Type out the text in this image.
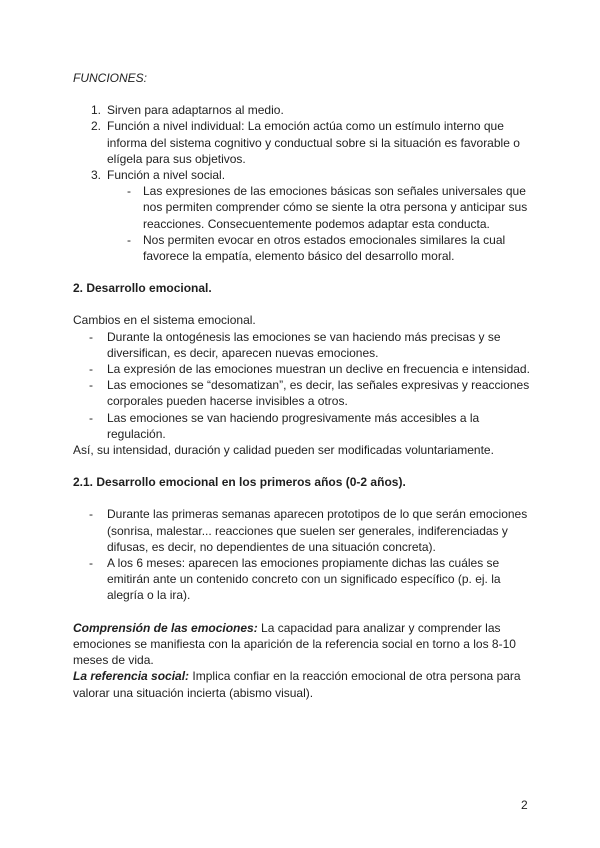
FUNCIONES:

1. Sirven para adaptarnos al medio.
2. Función a nivel individual: La emoción actúa como un estímulo interno que informa del sistema cognitivo y conductual sobre si la situación es favorable o elígela para sus objetivos.
3. Función a nivel social.
- Las expresiones de las emociones básicas son señales universales que nos permiten comprender cómo se siente la otra persona y anticipar sus reacciones. Consecuentemente podemos adaptar esta conducta.
- Nos permiten evocar en otros estados emocionales similares la cual favorece la empatía, elemento básico del desarrollo moral.

2. Desarrollo emocional.

Cambios en el sistema emocional.

- Durante la ontogénesis las emociones se van haciendo más precisas y se diversifican, es decir, aparecen nuevas emociones.
- La expresión de las emociones muestran un declive en frecuencia e intensidad.
- Las emociones se “desomatizan”, es decir, las señales expresivas y reacciones corporales pueden hacerse invisibles a otros.
- Las emociones se van haciendo progresivamente más accesibles a la regulación.

Así, su intensidad, duración y calidad pueden ser modificadas voluntariamente.

2.1. Desarrollo emocional en los primeros años (0-2 años).

- Durante las primeras semanas aparecen prototipos de lo que serán emociones (sonrisa, malestar... reacciones que suelen ser generales, indiferenciadas y difusas, es decir, no dependientes de una situación concreta).
- A los 6 meses: aparecen las emociones propiamente dichas las cuáles se emitirán ante un contenido concreto con un significado específico (p. ej. la alegría o la ira).

Comprensión de las emociones: La capacidad para analizar y comprender las emociones se manifiesta con la aparición de la referencia social en torno a los 8-10 meses de vida.

La referencia social: Implica confiar en la reacción emocional de otra persona para valorar una situación incierta (abismo visual).

2
